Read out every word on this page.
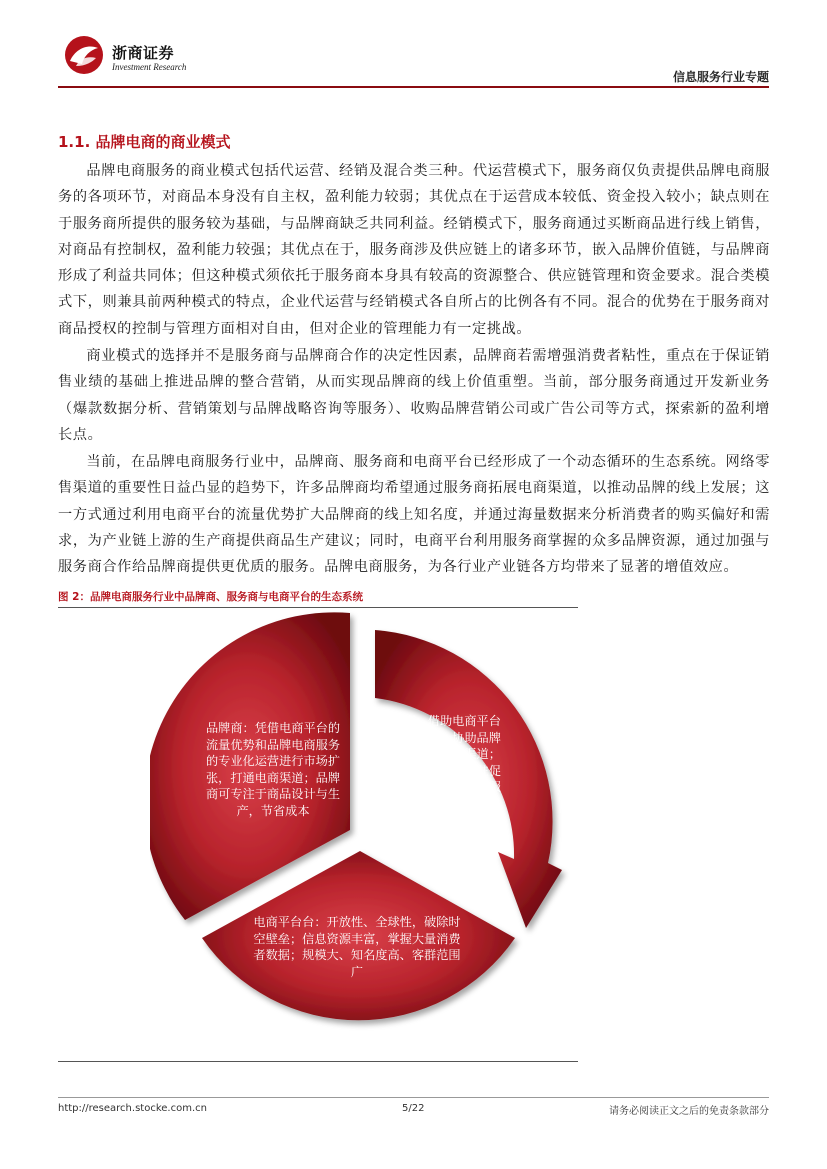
浙商证券
Investment Research
信息服务行业专题
1.1. 品牌电商的商业模式

品牌电商服务的商业模式包括代运营、经销及混合类三种。代运营模式下，服务商仅负责提供品牌电商服务的各项环节，对商品本身没有自主权，盈利能力较弱；其优点在于运营成本较低、资金投入较小；缺点则在于服务商所提供的服务较为基础，与品牌商缺乏共同利益。经销模式下，服务商通过买断商品进行线上销售，对商品有控制权，盈利能力较强；其优点在于，服务商涉及供应链上的诸多环节，嵌入品牌价值链，与品牌商形成了利益共同体；但这种模式须依托于服务商本身具有较高的资源整合、供应链管理和资金要求。混合类模式下，则兼具前两种模式的特点，企业代运营与经销模式各自所占的比例各有不同。混合的优势在于服务商对商品授权的控制与管理方面相对自由，但对企业的管理能力有一定挑战。

商业模式的选择并不是服务商与品牌商合作的决定性因素，品牌商若需增强消费者粘性，重点在于保证销售业绩的基础上推进品牌的整合营销，从而实现品牌商的线上价值重塑。当前，部分服务商通过开发新业务（爆款数据分析、营销策划与品牌战略咨询等服务）、收购品牌营销公司或广告公司等方式，探索新的盈利增长点。

当前，在品牌电商服务行业中，品牌商、服务商和电商平台已经形成了一个动态循环的生态系统。网络零售渠道的重要性日益凸显的趋势下，许多品牌商均希望通过服务商拓展电商渠道，以推动品牌的线上发展；这一方式通过利用电商平台的流量优势扩大品牌商的线上知名度，并通过海量数据来分析消费者的购买偏好和需求，为产业链上游的生产商提供商品生产建议；同时，电商平台利用服务商掌握的众多品牌资源，通过加强与服务商合作给品牌商提供更优质的服务。品牌电商服务，为各行业产业链各方均带来了显著的增值效应。

图 2：品牌电商服务行业中品牌商、服务商与电商平台的生态系统
品牌商：凭借电商平台的流量优势和品牌电商服务的专业化运营进行市场扩张，打通电商渠道；品牌商可专注于商品设计与生产，节省成本
服务商：借助电商平台的流量优势，协助品牌商拓展网络销售渠道；大量优质商家的入驻促进电商平台的发展；服务商和电商平台实现了通力合作
电商平台台：开放性、全球性，破除时空壁垒；信息资源丰富，掌握大量消费者数据；规模大、知名度高、客群范围广
http://research.stocke.com.cn	5/22	请务必阅读正文之后的免责条款部分
